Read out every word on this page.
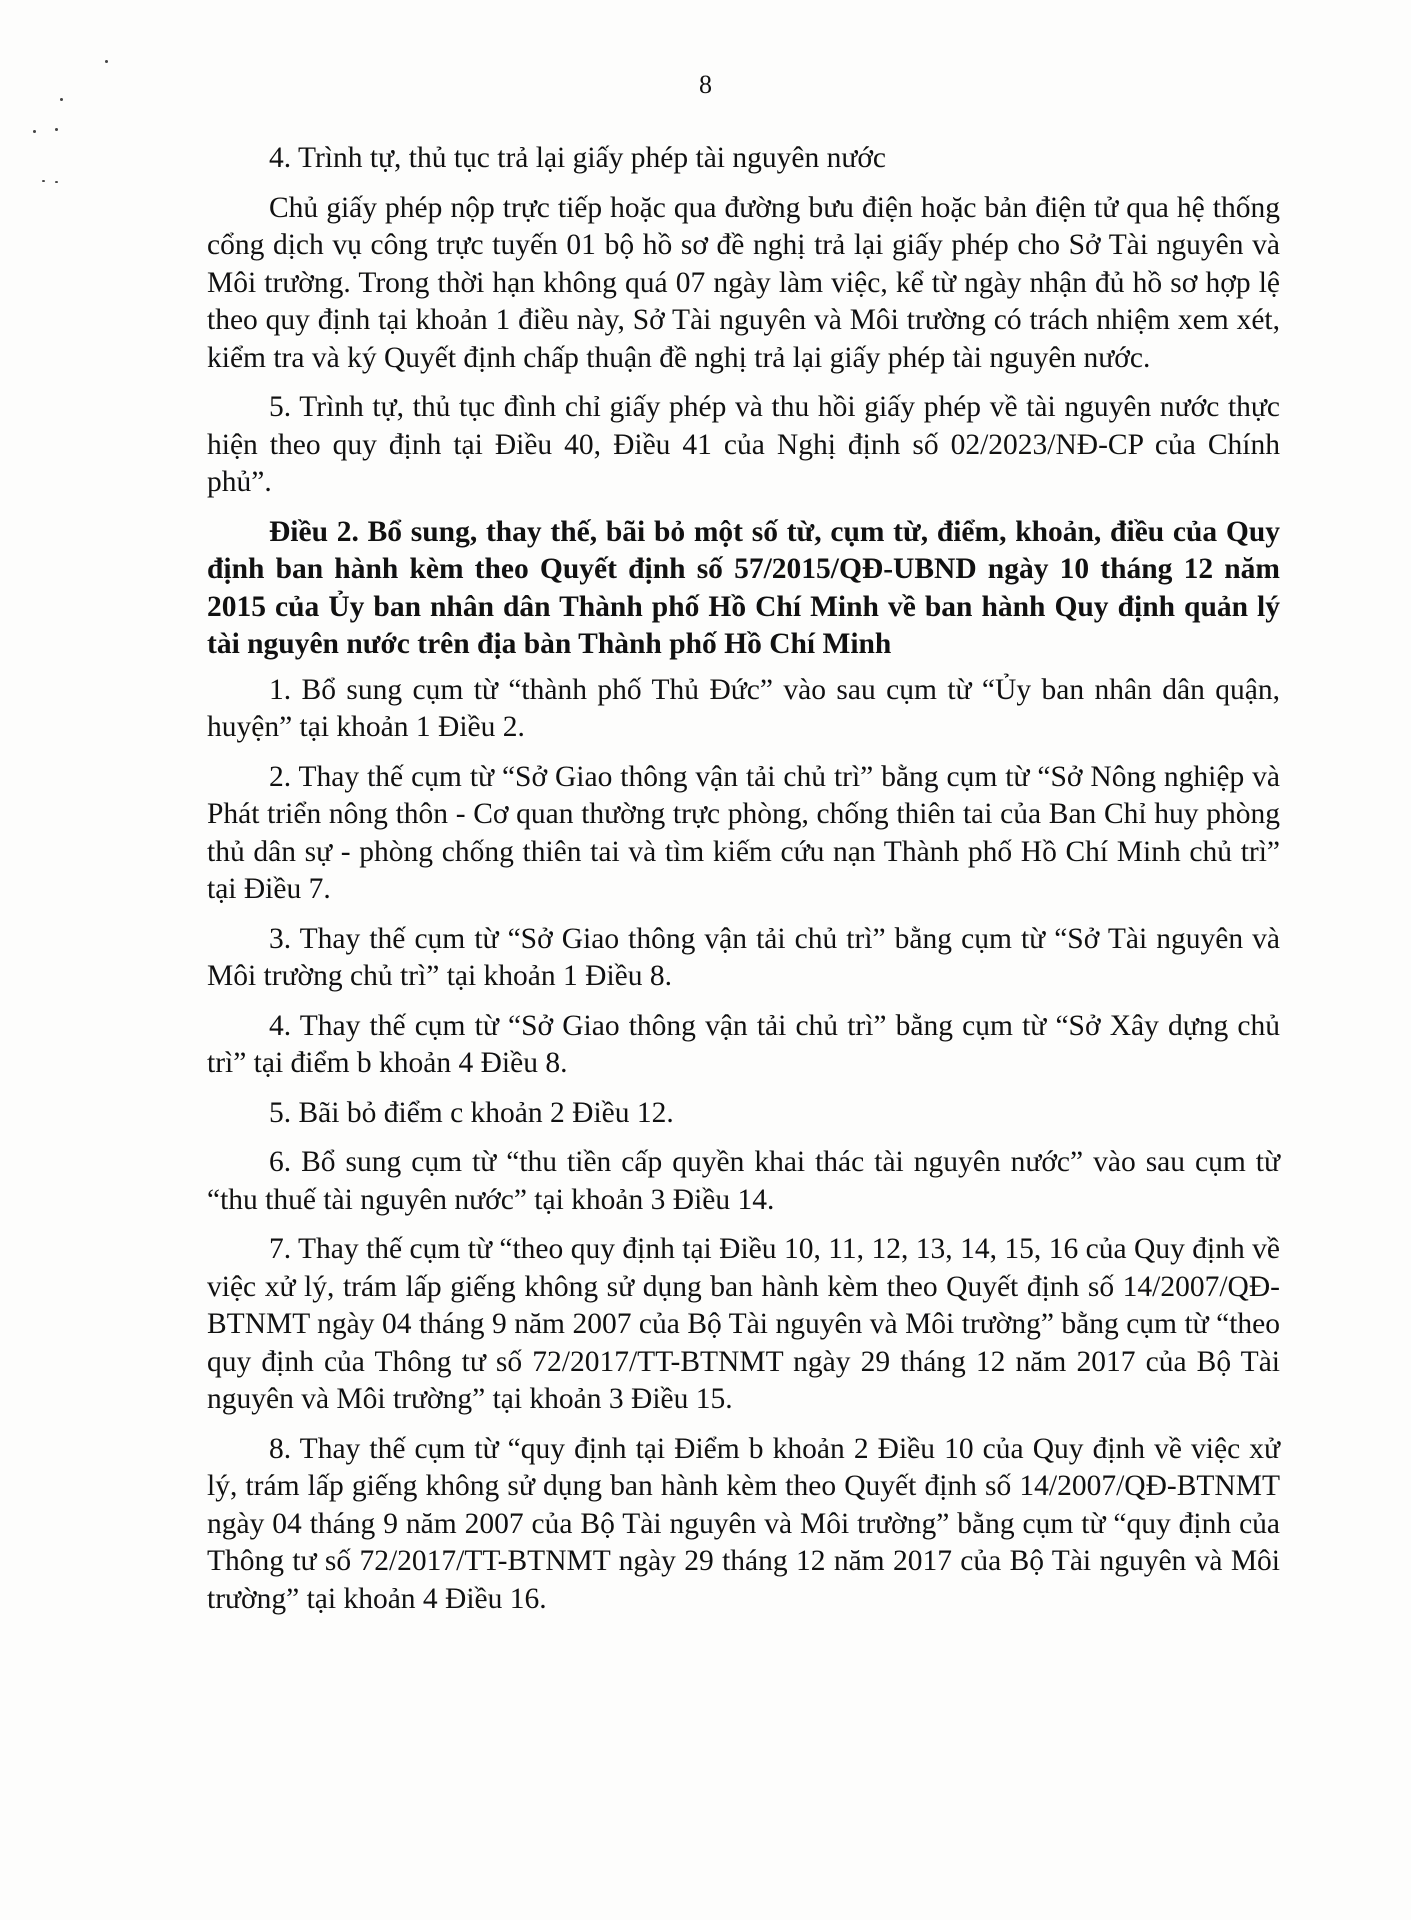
8

4. Trình tự, thủ tục trả lại giấy phép tài nguyên nước

Chủ giấy phép nộp trực tiếp hoặc qua đường bưu điện hoặc bản điện tử qua hệ thống cổng dịch vụ công trực tuyến 01 bộ hồ sơ đề nghị trả lại giấy phép cho Sở Tài nguyên và Môi trường. Trong thời hạn không quá 07 ngày làm việc, kể từ ngày nhận đủ hồ sơ hợp lệ theo quy định tại khoản 1 điều này, Sở Tài nguyên và Môi trường có trách nhiệm xem xét, kiểm tra và ký Quyết định chấp thuận đề nghị trả lại giấy phép tài nguyên nước.

5. Trình tự, thủ tục đình chỉ giấy phép và thu hồi giấy phép về tài nguyên nước thực hiện theo quy định tại Điều 40, Điều 41 của Nghị định số 02/2023/NĐ-CP của Chính phủ”.

Điều 2. Bổ sung, thay thế, bãi bỏ một số từ, cụm từ, điểm, khoản, điều của Quy định ban hành kèm theo Quyết định số 57/2015/QĐ-UBND ngày 10 tháng 12 năm 2015 của Ủy ban nhân dân Thành phố Hồ Chí Minh về ban hành Quy định quản lý tài nguyên nước trên địa bàn Thành phố Hồ Chí Minh

1. Bổ sung cụm từ “thành phố Thủ Đức” vào sau cụm từ “Ủy ban nhân dân quận, huyện” tại khoản 1 Điều 2.

2. Thay thế cụm từ “Sở Giao thông vận tải chủ trì” bằng cụm từ “Sở Nông nghiệp và Phát triển nông thôn - Cơ quan thường trực phòng, chống thiên tai của Ban Chỉ huy phòng thủ dân sự - phòng chống thiên tai và tìm kiếm cứu nạn Thành phố Hồ Chí Minh chủ trì” tại Điều 7.

3. Thay thế cụm từ “Sở Giao thông vận tải chủ trì” bằng cụm từ “Sở Tài nguyên và Môi trường chủ trì” tại khoản 1 Điều 8.

4. Thay thế cụm từ “Sở Giao thông vận tải chủ trì” bằng cụm từ “Sở Xây dựng chủ trì” tại điểm b khoản 4 Điều 8.

5. Bãi bỏ điểm c khoản 2 Điều 12.

6. Bổ sung cụm từ “thu tiền cấp quyền khai thác tài nguyên nước” vào sau cụm từ “thu thuế tài nguyên nước” tại khoản 3 Điều 14.

7. Thay thế cụm từ “theo quy định tại Điều 10, 11, 12, 13, 14, 15, 16 của Quy định về việc xử lý, trám lấp giếng không sử dụng ban hành kèm theo Quyết định số 14/2007/QĐ-BTNMT ngày 04 tháng 9 năm 2007 của Bộ Tài nguyên và Môi trường” bằng cụm từ “theo quy định của Thông tư số 72/2017/TT-BTNMT ngày 29 tháng 12 năm 2017 của Bộ Tài nguyên và Môi trường” tại khoản 3 Điều 15.

8. Thay thế cụm từ “quy định tại Điểm b khoản 2 Điều 10 của Quy định về việc xử lý, trám lấp giếng không sử dụng ban hành kèm theo Quyết định số 14/2007/QĐ-BTNMT ngày 04 tháng 9 năm 2007 của Bộ Tài nguyên và Môi trường” bằng cụm từ “quy định của Thông tư số 72/2017/TT-BTNMT ngày 29 tháng 12 năm 2017 của Bộ Tài nguyên và Môi trường” tại khoản 4 Điều 16.
